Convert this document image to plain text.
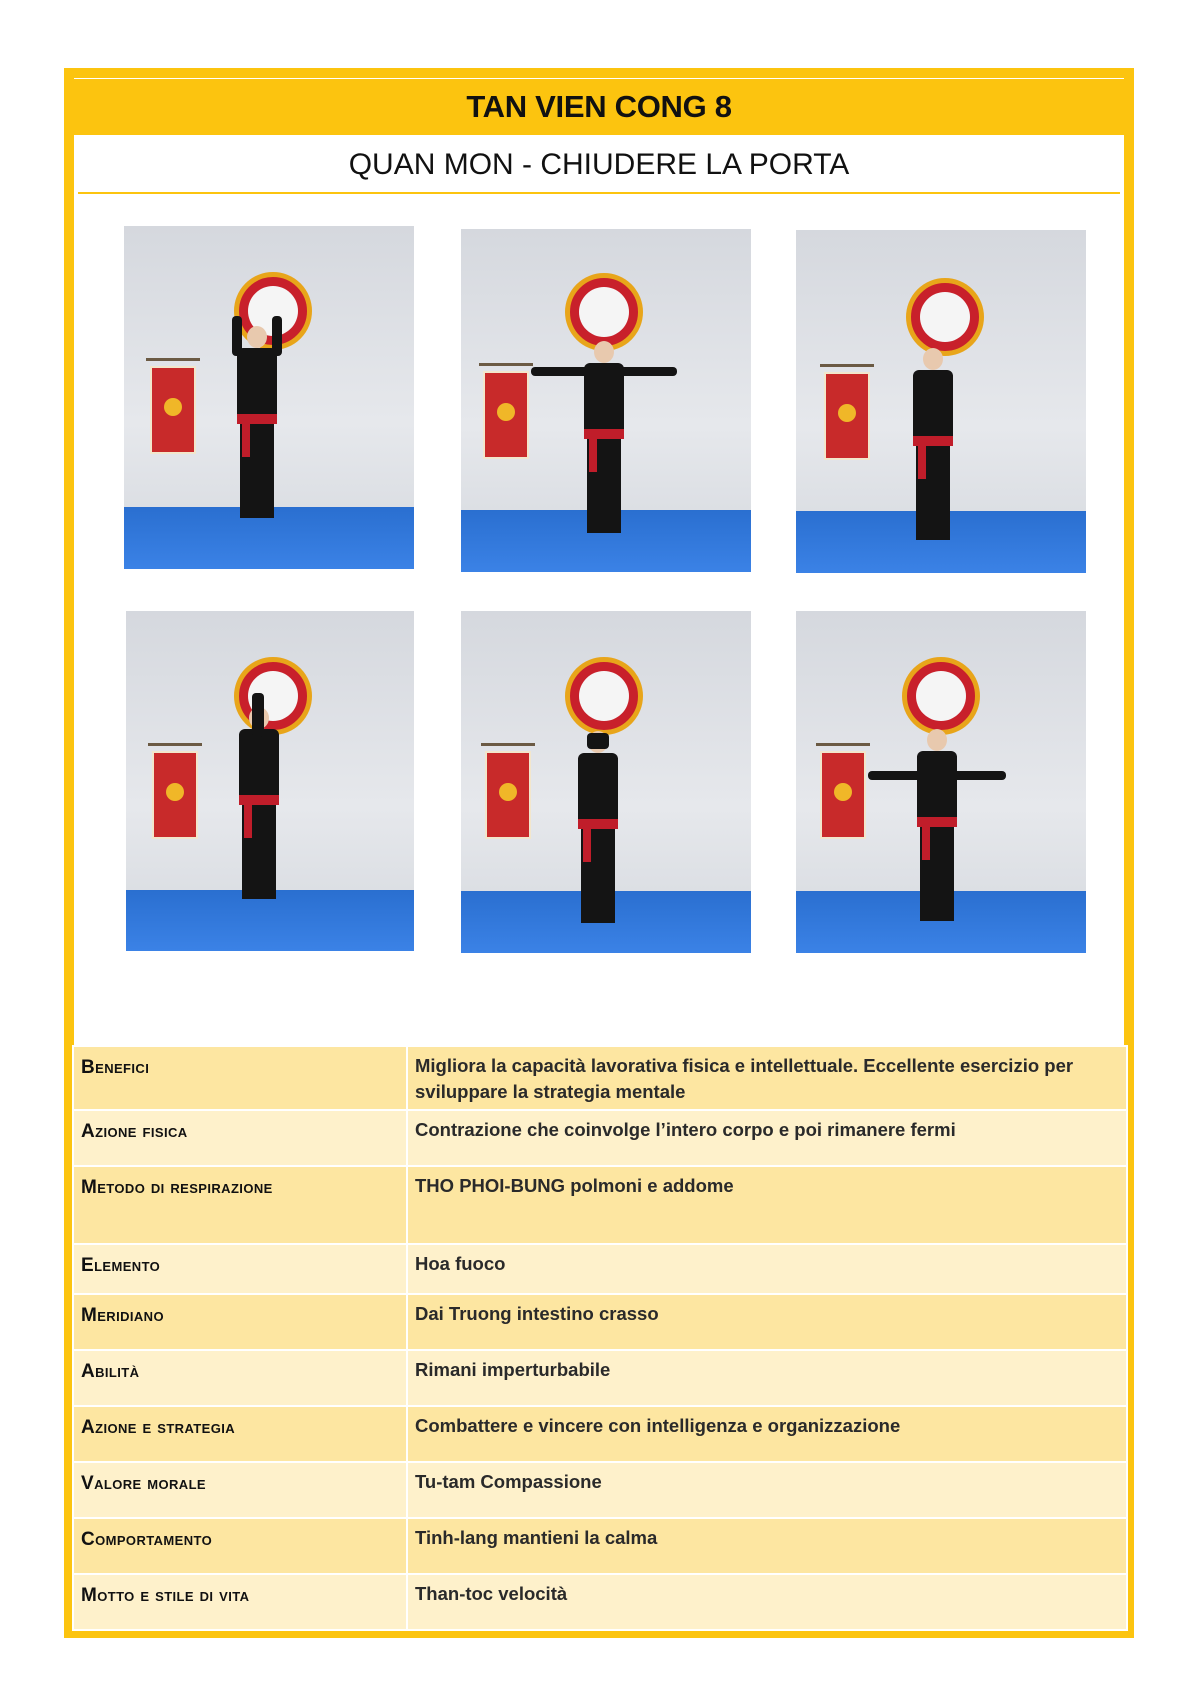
TAN VIEN CONG 8
QUAN MON - CHIUDERE LA PORTA
Benefici	Migliora la capacità lavorativa fisica e intellettuale. Eccellente esercizio per sviluppare la strategia mentale
Azione fisica	Contrazione che coinvolge l’intero corpo e poi rimanere fermi
Metodo di respirazione	THO PHOI-BUNG polmoni e addome
Elemento	Hoa fuoco
Meridiano	Dai Truong intestino crasso
Abilità	Rimani imperturbabile
Azione e strategia	Combattere e vincere con intelligenza e organizzazione
Valore morale	Tu-tam Compassione
Comportamento	Tinh-lang mantieni la calma
Motto e stile di vita	Than-toc velocità
